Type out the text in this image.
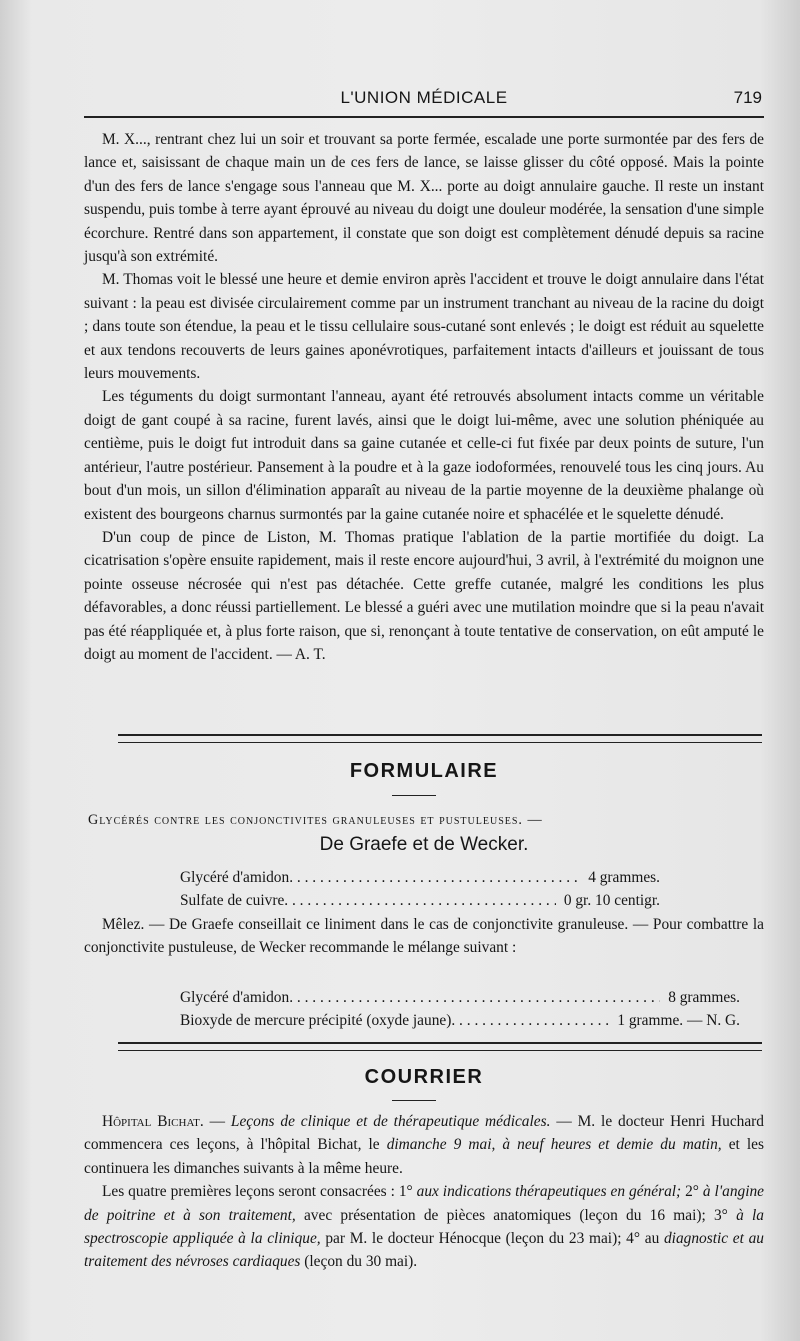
L'UNION MÉDICALE	719

M. X..., rentrant chez lui un soir et trouvant sa porte fermée, escalade une porte surmontée par des fers de lance et, saisissant de chaque main un de ces fers de lance, se laisse glisser du côté opposé. Mais la pointe d'un des fers de lance s'engage sous l'anneau que M. X... porte au doigt annulaire gauche. Il reste un instant suspendu, puis tombe à terre ayant éprouvé au niveau du doigt une douleur modérée, la sensation d'une simple écorchure. Rentré dans son appartement, il constate que son doigt est complètement dénudé depuis sa racine jusqu'à son extrémité.

M. Thomas voit le blessé une heure et demie environ après l'accident et trouve le doigt annulaire dans l'état suivant : la peau est divisée circulairement comme par un instrument tranchant au niveau de la racine du doigt ; dans toute son étendue, la peau et le tissu cellulaire sous-cutané sont enlevés ; le doigt est réduit au squelette et aux tendons recouverts de leurs gaines aponévrotiques, parfaitement intacts d'ailleurs et jouissant de tous leurs mouvements.

Les téguments du doigt surmontant l'anneau, ayant été retrouvés absolument intacts comme un véritable doigt de gant coupé à sa racine, furent lavés, ainsi que le doigt lui-même, avec une solution phéniquée au centième, puis le doigt fut introduit dans sa gaine cutanée et celle-ci fut fixée par deux points de suture, l'un antérieur, l'autre postérieur. Pansement à la poudre et à la gaze iodoformées, renouvelé tous les cinq jours. Au bout d'un mois, un sillon d'élimination apparaît au niveau de la partie moyenne de la deuxième phalange où existent des bourgeons charnus surmontés par la gaine cutanée noire et sphacélée et le squelette dénudé.

D'un coup de pince de Liston, M. Thomas pratique l'ablation de la partie mortifiée du doigt. La cicatrisation s'opère ensuite rapidement, mais il reste encore aujourd'hui, 3 avril, à l'extrémité du moignon une pointe osseuse nécrosée qui n'est pas détachée. Cette greffe cutanée, malgré les conditions les plus défavorables, a donc réussi partiellement. Le blessé a guéri avec une mutilation moindre que si la peau n'avait pas été réappliquée et, à plus forte raison, que si, renonçant à toute tentative de conservation, on eût amputé le doigt au moment de l'accident. — A. T.

FORMULAIRE
Glycérés contre les conjonctivites granuleuses et pustuleuses. —
De Graefe et de Wecker.
Glycéré d'amidon . . .	4 grammes.
Sulfate de cuivre . . .	0 gr. 10 centigr.

Mêlez. — De Graefe conseillait ce liniment dans le cas de conjonctivite granuleuse. — Pour combattre la conjonctivite pustuleuse, de Wecker recommande le mélange suivant :

Glycéré d'amidon . . .	8 grammes.
Bioxyde de mercure précipité (oxyde jaune) . . .	1 gramme. — N. G.
COURRIER

Hôpital Bichat. — Leçons de clinique et de thérapeutique médicales. — M. le docteur Henri Huchard commencera ces leçons, à l'hôpital Bichat, le dimanche 9 mai, à neuf heures et demie du matin, et les continuera les dimanches suivants à la même heure.

Les quatre premières leçons seront consacrées : 1° aux indications thérapeutiques en général; 2° à l'angine de poitrine et à son traitement, avec présentation de pièces anatomiques (leçon du 16 mai); 3° à la spectroscopie appliquée à la clinique, par M. le docteur Hénocque (leçon du 23 mai); 4° au diagnostic et au traitement des névroses cardiaques (leçon du 30 mai).
